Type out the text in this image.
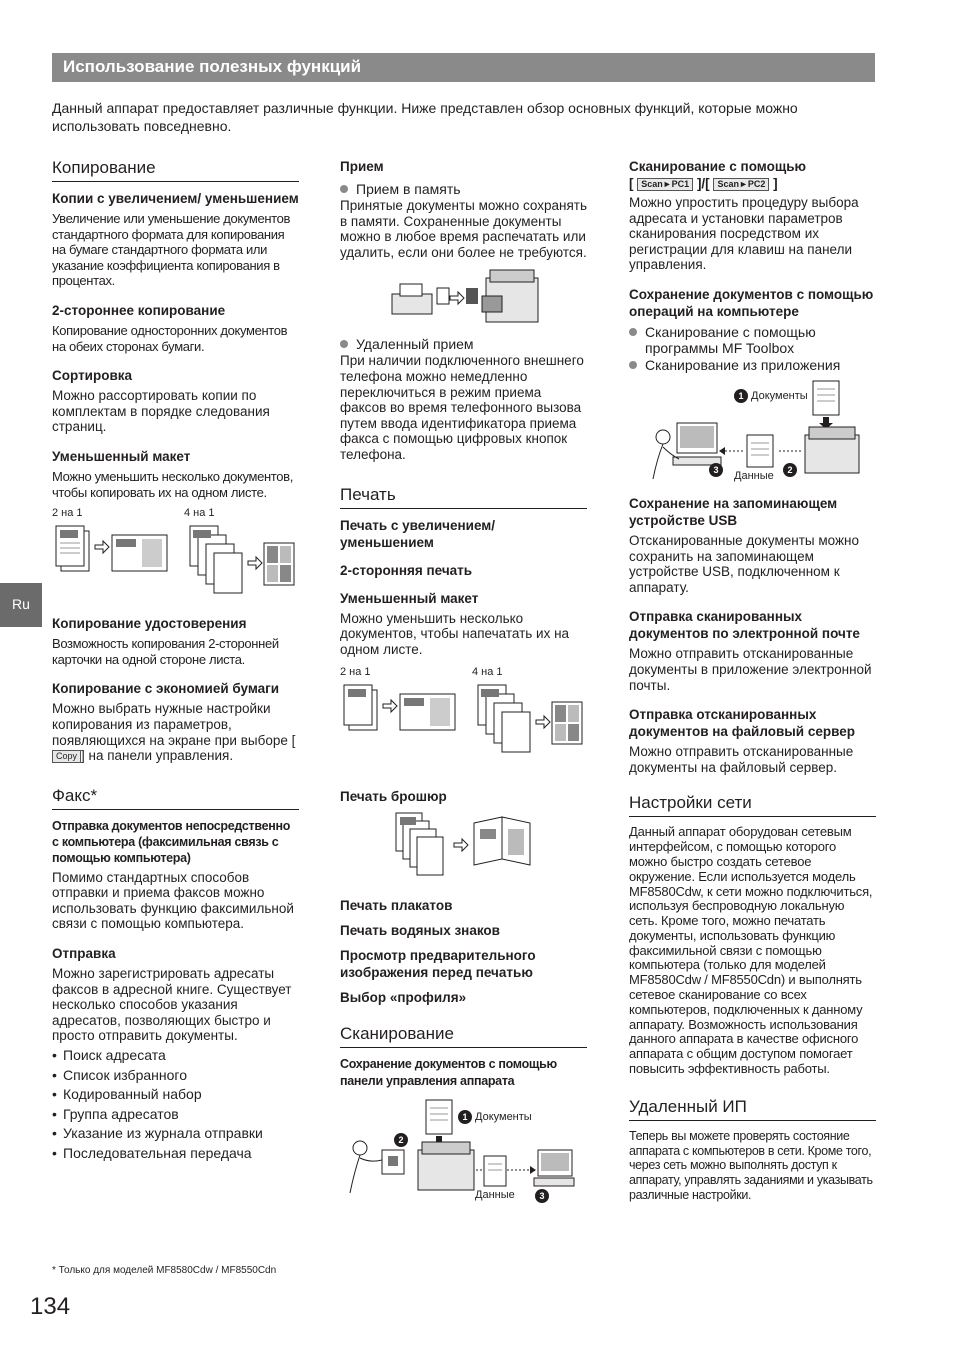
Использование полезных функций
Данный аппарат предоставляет различные функции. Ниже представлен обзор основных функций, которые можно использовать повседневно.
Ru
Копирование
Копии с увеличением/ уменьшением

Увеличение или уменьшение документов стандартного формата для копирования на бумаге стандартного формата или указание коэффициента копирования в процентах.

2-стороннее копирование

Копирование односторонних документов на обеих сторонах бумаги.

Сортировка

Можно рассортировать копии по комплектам в порядке следования страниц.

Уменьшенный макет

Можно уменьшить несколько документов, чтобы копировать их на одном листе.

2 на 1	4 на 1
Копирование удостоверения

Возможность копирования 2-сторонней карточки на одной стороне листа.

Копирование с экономией бумаги

Можно выбрать нужные настройки копирования из параметров, появляющихся на экране при выборе [Copy ] на панели управления.

Факс*
Отправка документов непосредственно с компьютера (факсимильная связь с помощью компьютера)

Помимо стандартных способов отправки и приема факсов можно использовать функцию факсимильной связи с помощью компьютера.

Отправка

Можно зарегистрировать адресаты факсов в адресной книге. Существует несколько способов указания адресатов, позволяющих быстро и просто отправить документы.

• Поиск адресата
• Список избранного
• Кодированный набор
• Группа адресатов
• Указание из журнала отправки
• Последовательная передача
Прием
Прием в память

Принятые документы можно сохранять в памяти. Сохраненные документы можно в любое время распечатать или удалить, если они более не требуются.

Удаленный прием

При наличии подключенного внешнего телефона можно немедленно переключиться в режим приема факсов во время телефонного вызова путем ввода идентификатора приема факса с помощью цифровых кнопок телефона.

Печать
Печать с увеличением/ уменьшением
2-сторонняя печать
Уменьшенный макет

Можно уменьшить несколько документов, чтобы напечатать их на одном листе.

2 на 1	4 на 1
Печать брошюр
Печать плакатов
Печать водяных знаков
Просмотр предварительного изображения перед печатью
Выбор «профиля»
Сканирование
Сохранение документов с помощью панели управления аппарата
1 Документы
2
Данные	3
Сканирование с помощью
[ Scan►PC1 ]/[ Scan►PC2 ]

Можно упростить процедуру выбора адресата и установки параметров сканирования посредством их регистрации для клавиш на панели управления.

Сохранение документов с помощью операций на компьютере
Сканирование с помощью программы MF Toolbox
Сканирование из приложения
1 Документы
2
Данные
3
Сохранение на запоминающем устройстве USB

Отсканированные документы можно сохранить на запоминающем устройстве USB, подключенном к аппарату.

Отправка сканированных документов по электронной почте

Можно отправить отсканированные документы в приложение электронной почты.

Отправка отсканированных документов на файловый сервер

Можно отправить отсканированные документы на файловый сервер.

Настройки сети

Данный аппарат оборудован сетевым интерфейсом, с помощью которого можно быстро создать сетевое окружение. Если используется модель MF8580Cdw, к сети можно подключиться, используя беспроводную локальную сеть. Кроме того, можно печатать документы, использовать функцию факсимильной связи с помощью компьютера (только для моделей MF8580Cdw / MF8550Cdn) и выполнять сетевое сканирование со всех компьютеров, подключенных к данному аппарату. Возможность использования данного аппарата в качестве офисного аппарата с общим доступом помогает повысить эффективность работы.

Удаленный ИП

Теперь вы можете проверять состояние аппарата с компьютеров в сети. Кроме того, через сеть можно выполнять доступ к аппарату, управлять заданиями и указывать различные настройки.

* Только для моделей MF8580Cdw / MF8550Cdn
134
